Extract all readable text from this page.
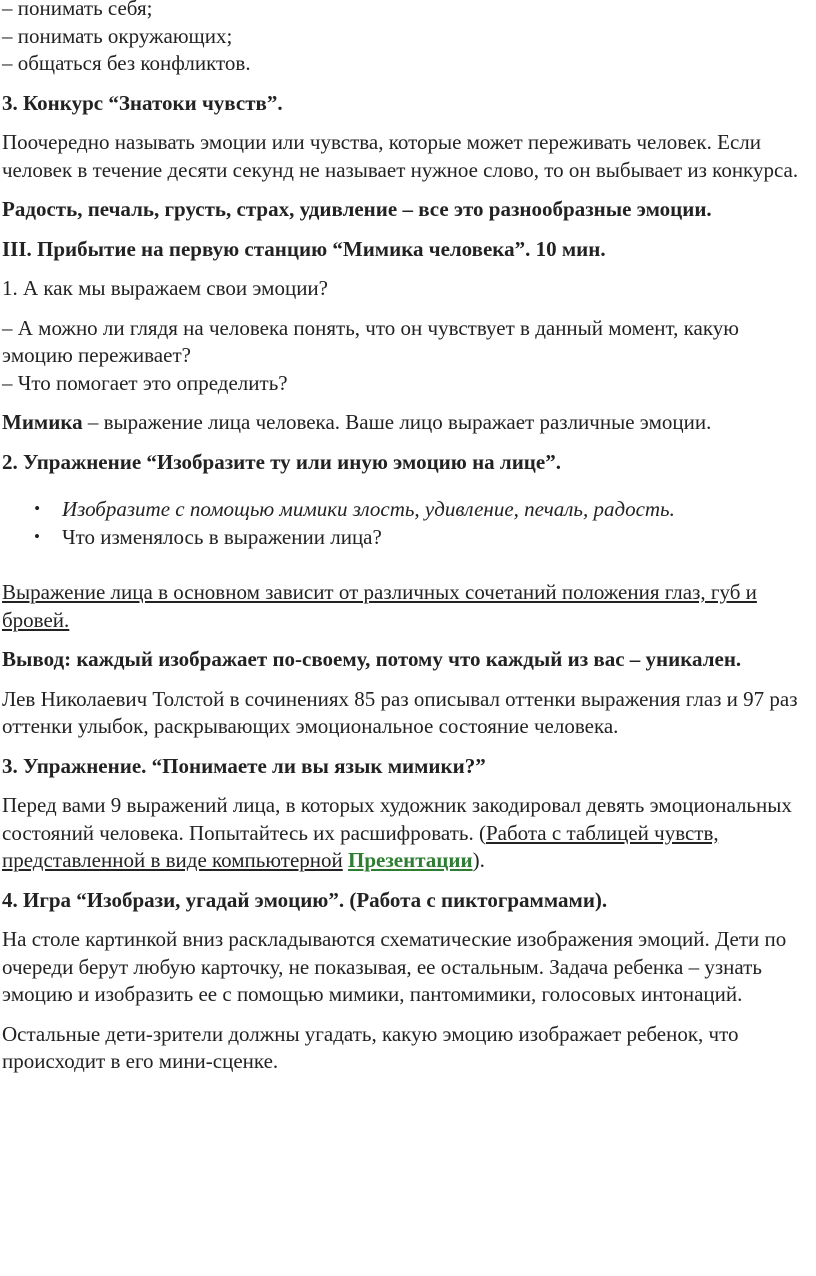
– понимать себя;

– понимать окружающих;

– общаться без конфликтов.

3. Конкурс “Знатоки чувств”.

Поочередно называть эмоции или чувства, которые может переживать человек. Если человек в течение десяти секунд не называет нужное слово, то он выбывает из конкурса.

Радость, печаль, грусть, страх, удивление – все это разнообразные эмоции.

III. Прибытие на первую станцию “Мимика человека”. 10 мин.

1. А как мы выражаем свои эмоции?

– А можно ли глядя на человека понять, что он чувствует в данный момент, какую эмоцию переживает?

– Что помогает это определить?

Мимика – выражение лица человека. Ваше лицо выражает различные эмоции.

2. Упражнение “Изобразите ту или иную эмоцию на лице”.

• Изобразите с помощью мимики злость, удивление, печаль, радость.
• Что изменялось в выражении лица?

Выражение лица в основном зависит от различных сочетаний положения глаз, губ и бровей.

Вывод: каждый изображает по-своему, потому что каждый из вас – уникален.

Лев Николаевич Толстой в сочинениях 85 раз описывал оттенки выражения глаз и 97 раз оттенки улыбок, раскрывающих эмоциональное состояние человека.

3. Упражнение. “Понимаете ли вы язык мимики?”

Перед вами 9 выражений лица, в которых художник закодировал девять эмоциональных состояний человека. Попытайтесь их расшифровать. (Работа с таблицей чувств, представленной в виде компьютерной Презентации).

4. Игра “Изобрази, угадай эмоцию”. (Работа с пиктограммами).

На столе картинкой вниз раскладываются схематические изображения эмоций. Дети по очереди берут любую карточку, не показывая, ее остальным. Задача ребенка – узнать эмоцию и изобразить ее с помощью мимики, пантомимики, голосовых интонаций.

Остальные дети-зрители должны угадать, какую эмоцию изображает ребенок, что происходит в его мини-сценке.
